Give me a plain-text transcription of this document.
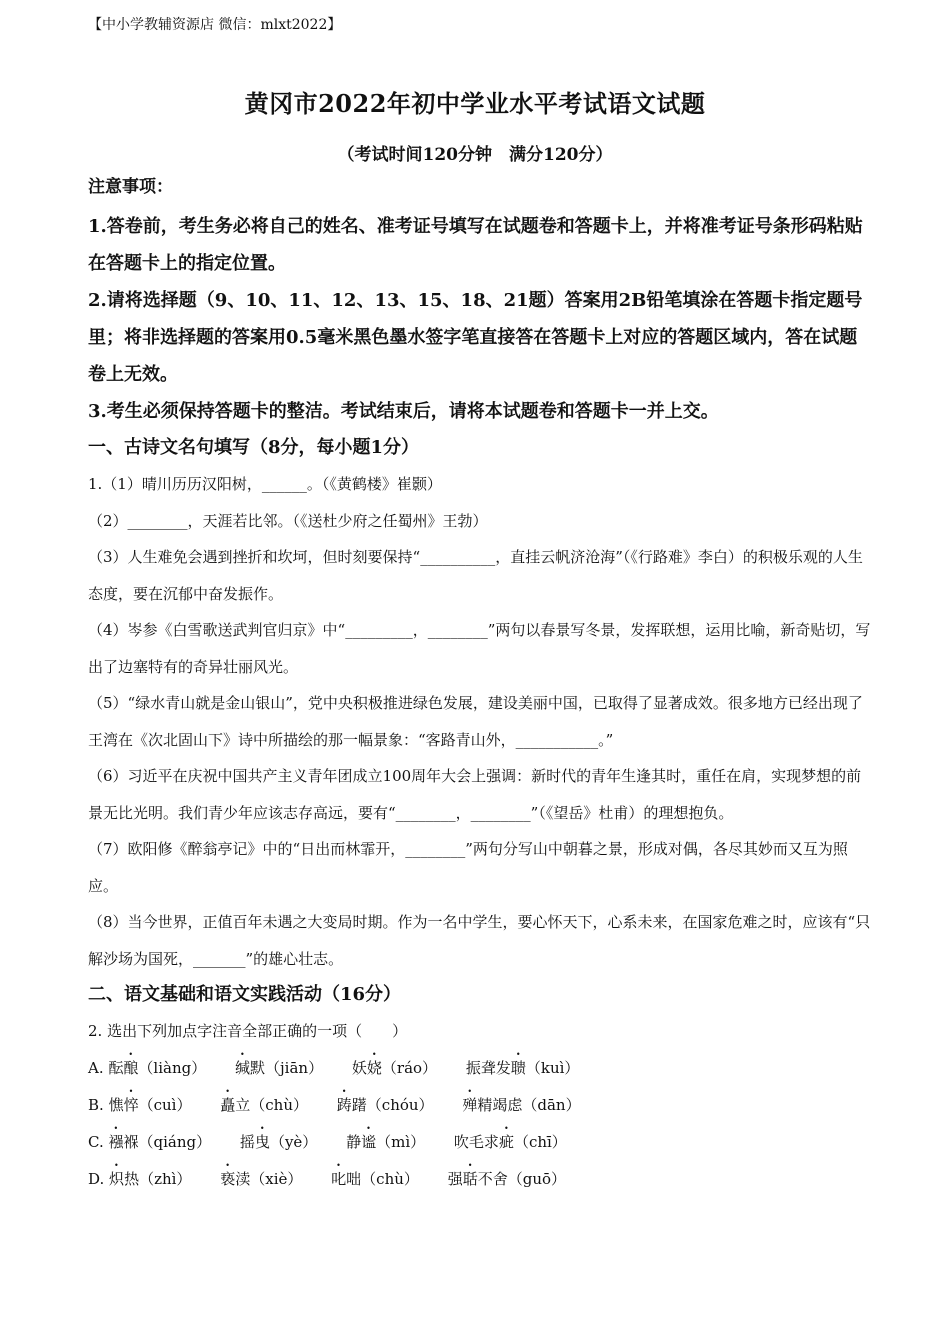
【中小学教辅资源店 微信：mlxt2022】
黄冈市2022年初中学业水平考试语文试题
（考试时间120分钟　满分120分）

注意事项：

1.答卷前，考生务必将自己的姓名、准考证号填写在试题卷和答题卡上，并将准考证号条形码粘贴在答题卡上的指定位置。

2.请将选择题（9、10、11、12、13、15、18、21题）答案用2B铅笔填涂在答题卡指定题号里；将非选择题的答案用0.5毫米黑色墨水签字笔直接答在答题卡上对应的答题区域内，答在试题卷上无效。

3.考生必须保持答题卡的整洁。考试结束后，请将本试题卷和答题卡一并上交。

一、古诗文名句填写（8分，每小题1分）

1.（1）晴川历历汉阳树，______。（《黄鹤楼》崔颢）

（2）________，天涯若比邻。（《送杜少府之任蜀州》王勃）

（3）人生难免会遇到挫折和坎坷，但时刻要保持“__________，直挂云帆济沧海”（《行路难》李白）的积极乐观的人生态度，要在沉郁中奋发振作。

（4）岑参《白雪歌送武判官归京》中“_________，________”两句以春景写冬景，发挥联想，运用比喻，新奇贴切，写出了边塞特有的奇异壮丽风光。

（5）“绿水青山就是金山银山”，党中央积极推进绿色发展，建设美丽中国，已取得了显著成效。很多地方已经出现了王湾在《次北固山下》诗中所描绘的那一幅景象：“客路青山外，___________。”

（6）习近平在庆祝中国共产主义青年团成立100周年大会上强调：新时代的青年生逢其时，重任在肩，实现梦想的前景无比光明。我们青少年应该志存高远，要有“________，________”（《望岳》杜甫）的理想抱负。

（7）欧阳修《醉翁亭记》中的“日出而林霏开，________”两句分写山中朝暮之景，形成对偶，各尽其妙而又互为照应。

（8）当今世界，正值百年未遇之大变局时期。作为一名中学生，要心怀天下，心系未来，在国家危难之时，应该有“只解沙场为国死，_______”的雄心壮志。

二、语文基础和语文实践活动（16分）

2. 选出下列加点字注音全部正确的一项（　　）

A. 酝酿（liàng） 缄默（jiān） 妖娆（ráo） 振聋发聩（kuì）

B. 憔悴（cuì） 矗立（chù） 踌躇（chóu） 殚精竭虑（dān）

C. 襁褓（qiáng） 摇曳（yè） 静谧（mì） 吹毛求疵（chī）

D. 炽热（zhì） 亵渎（xiè） 叱咄（chù） 强聒不舍（guō）
